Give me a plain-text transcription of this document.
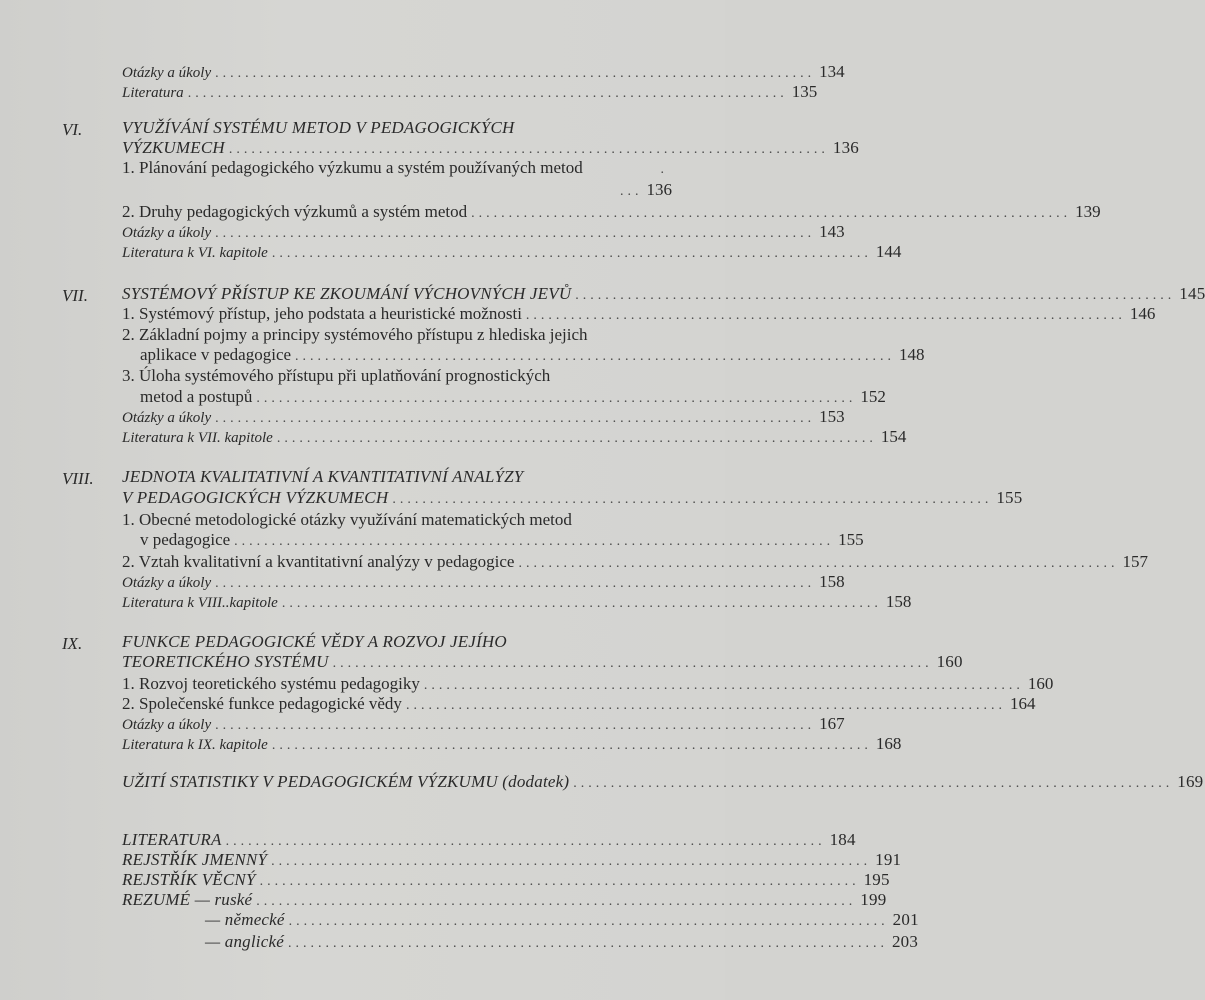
Otázky a úkoly ................................................................................ 134
Literatura ................................................................................ 135
VI. VYUŽÍVÁNÍ SYSTÉMU METOD V PEDAGOGICKÝCH
VÝZKUMECH ................................................................................ 136
1. Plánování pedagogického výzkumu a systém používaných metod	.
... 136
2. Druhy pedagogických výzkumů a systém metod ................................................................................ 139
Otázky a úkoly ................................................................................ 143
Literatura k VI. kapitole ................................................................................ 144
VII. SYSTÉMOVÝ PŘÍSTUP KE ZKOUMÁNÍ VÝCHOVNÝCH JEVŮ ................................................................................ 145
1. Systémový přístup, jeho podstata a heuristické možnosti ................................................................................ 146
2. Základní pojmy a principy systémového přístupu z hlediska jejich
aplikace v pedagogice ................................................................................ 148
3. Úloha systémového přístupu při uplatňování prognostických
metod a postupů ................................................................................ 152
Otázky a úkoly ................................................................................ 153
Literatura k VII. kapitole ................................................................................ 154
VIII. JEDNOTA KVALITATIVNÍ A KVANTITATIVNÍ ANALÝZY
V PEDAGOGICKÝCH VÝZKUMECH ................................................................................ 155
1. Obecné metodologické otázky využívání matematických metod
v pedagogice ................................................................................ 155
2. Vztah kvalitativní a kvantitativní analýzy v pedagogice ................................................................................ 157
Otázky a úkoly ................................................................................ 158
Literatura k VIII..kapitole ................................................................................ 158
IX. FUNKCE PEDAGOGICKÉ VĚDY A ROZVOJ JEJÍHO
TEORETICKÉHO SYSTÉMU ................................................................................ 160
1. Rozvoj teoretického systému pedagogiky ................................................................................ 160
2. Společenské funkce pedagogické vědy ................................................................................ 164
Otázky a úkoly ................................................................................ 167
Literatura k IX. kapitole ................................................................................ 168
UŽITÍ STATISTIKY V PEDAGOGICKÉM VÝZKUMU (dodatek) ................................................................................ 169
LITERATURA ................................................................................ 184
REJSTŘÍK JMENNÝ ................................................................................ 191
REJSTŘÍK VĚCNÝ ................................................................................ 195
REZUMÉ — ruské ................................................................................ 199
— německé ................................................................................ 201
— anglické ................................................................................ 203
